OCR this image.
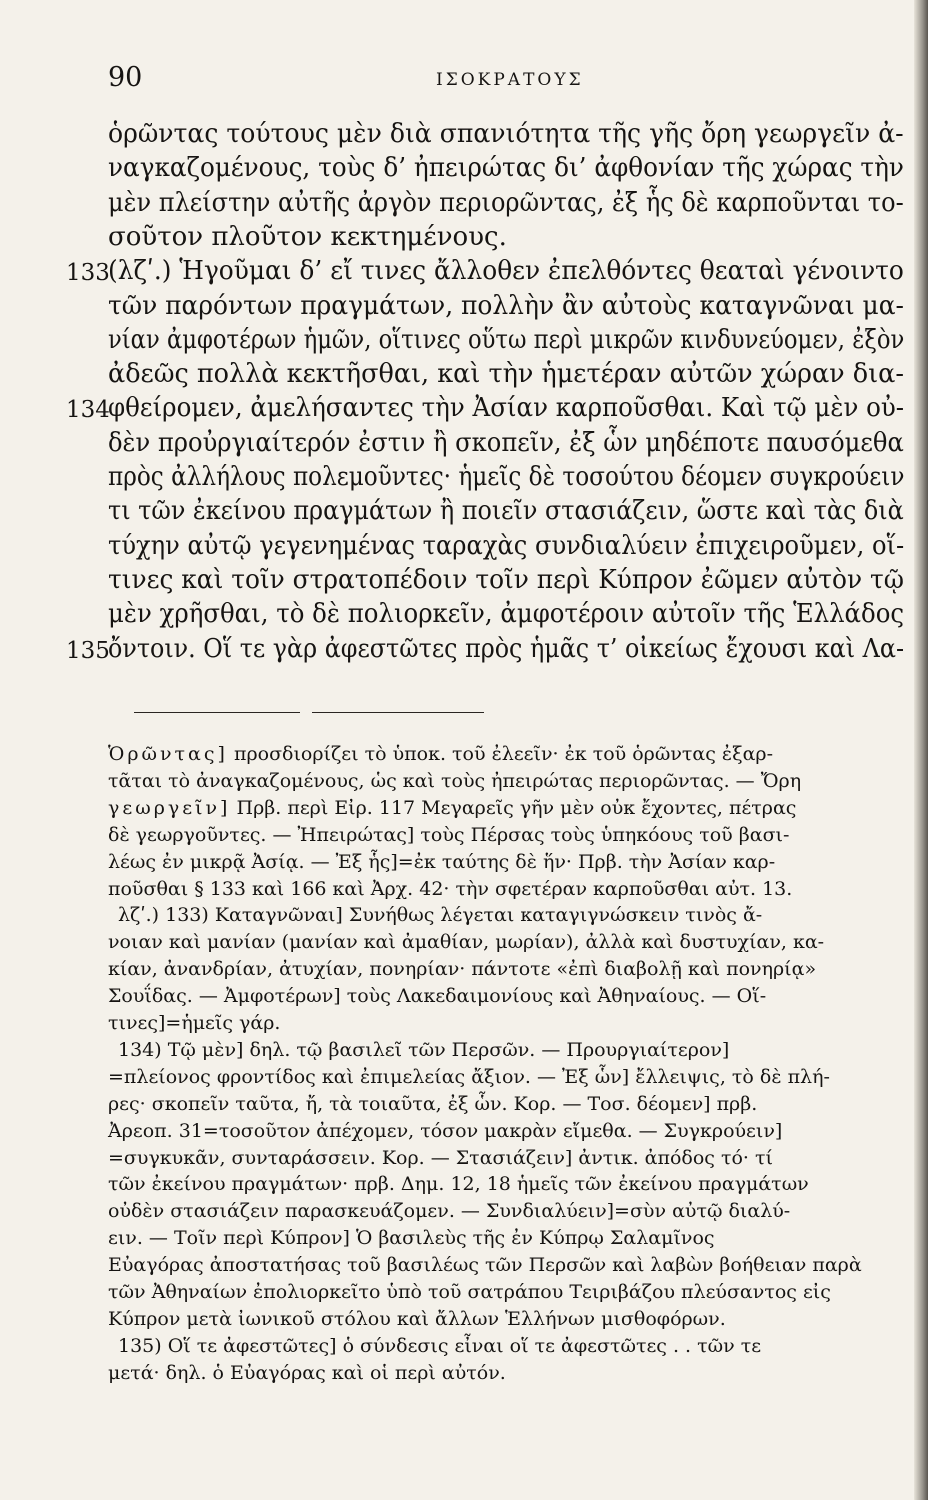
90	ΙΣΟΚΡΑΤΟΥΣ
ὁρῶντας τούτους μὲν διὰ σπανιότητα τῆς γῆς ὄρη γεωργεῖν ἀ-
ναγκαζομένους, τοὺς δ’ ἠπειρώτας δι’ ἀφθονίαν τῆς χώρας τὴν
μὲν πλείστην αὐτῆς ἀργὸν περιορῶντας, ἐξ ἧς δὲ καρποῦνται το-
σοῦτον πλοῦτον κεκτημένους.
(λζʹ.) Ἡγοῦμαι δ’ εἴ τινες ἄλλοθεν ἐπελθόντες θεαταὶ γένοιντο
τῶν παρόντων πραγμάτων, πολλὴν ἂν αὐτοὺς καταγνῶναι μα-
νίαν ἀμφοτέρων ἡμῶν, οἵτινες οὕτω περὶ μικρῶν κινδυνεύομεν, ἐξὸν
ἀδεῶς πολλὰ κεκτῆσθαι, καὶ τὴν ἡμετέραν αὐτῶν χώραν δια-
φθείρομεν, ἀμελήσαντες τὴν Ἀσίαν καρποῦσθαι. Καὶ τῷ μὲν οὐ-
δὲν προὐργιαίτερόν ἐστιν ἢ σκοπεῖν, ἐξ ὧν μηδέποτε παυσόμεθα
πρὸς ἀλλήλους πολεμοῦντες· ἡμεῖς δὲ τοσούτου δέομεν συγκρούειν
τι τῶν ἐκείνου πραγμάτων ἢ ποιεῖν στασιάζειν, ὥστε καὶ τὰς διὰ
τύχην αὐτῷ γεγενημένας ταραχὰς συνδιαλύειν ἐπιχειροῦμεν, οἵ-
τινες καὶ τοῖν στρατοπέδοιν τοῖν περὶ Κύπρον ἐῶμεν αὐτὸν τῷ
μὲν χρῆσθαι, τὸ δὲ πολιορκεῖν, ἀμφοτέροιν αὐτοῖν τῆς Ἑλλάδος
ὄντοιν. Οἵ τε γὰρ ἀφεστῶτες πρὸς ἡμᾶς τ’ οἰκείως ἔχουσι καὶ Λα-
133
134
135
Ὁρῶντας] προσδιορίζει τὸ ὑποκ. τοῦ ἐλεεῖν· ἐκ τοῦ ὁρῶντας ἐξαρ-
τᾶται τὸ ἀναγκαζομένους, ὡς καὶ τοὺς ἠπειρώτας περιορῶντας. — Ὄρη
γεωργεῖν] Πρβ. περὶ Εἰρ. 117 Μεγαρεῖς γῆν μὲν οὐκ ἔχοντες, πέτρας
δὲ γεωργοῦντες. — Ἠπειρώτας] τοὺς Πέρσας τοὺς ὑπηκόους τοῦ βασι-
λέως ἐν μικρᾷ Ἀσίᾳ. — Ἐξ ἧς]=ἐκ ταύτης δὲ ἥν· Πρβ. τὴν Ἀσίαν καρ-
ποῦσθαι § 133 καὶ 166 καὶ Ἀρχ. 42· τὴν σφετέραν καρποῦσθαι αὐτ. 13.
λζʹ.) 133) Καταγνῶναι] Συνήθως λέγεται καταγιγνώσκειν τινὸς ἄ-
νοιαν καὶ μανίαν (μανίαν καὶ ἀμαθίαν, μωρίαν), ἀλλὰ καὶ δυστυχίαν, κα-
κίαν, ἀνανδρίαν, ἀτυχίαν, πονηρίαν· πάντοτε «ἐπὶ διαβολῇ καὶ πονηρίᾳ»
Σουΐδας. — Ἀμφοτέρων] τοὺς Λακεδαιμονίους καὶ Ἀθηναίους. — Οἵ-
τινες]=ἡμεῖς γάρ.
134) Τῷ μὲν] δηλ. τῷ βασιλεῖ τῶν Περσῶν. — Προυργιαίτερον]
=πλείονος φροντίδος καὶ ἐπιμελείας ἄξιον. — Ἐξ ὧν] ἔλλειψις, τὸ δὲ πλή-
ρες· σκοπεῖν ταῦτα, ἤ, τὰ τοιαῦτα, ἐξ ὧν. Κορ. — Τοσ. δέομεν] πρβ.
Ἀρεοπ. 31=τοσοῦτον ἀπέχομεν, τόσον μακρὰν εἴμεθα. — Συγκρούειν]
=συγκυκᾶν, συνταράσσειν. Κορ. — Στασιάζειν] ἀντικ. ἀπόδος τό· τί
τῶν ἐκείνου πραγμάτων· πρβ. Δημ. 12, 18 ἡμεῖς τῶν ἐκείνου πραγμάτων
οὐδὲν στασιάζειν παρασκευάζομεν. — Συνδιαλύειν]=σὺν αὐτῷ διαλύ-
ειν. — Τοῖν περὶ Κύπρον] Ὁ βασιλεὺς τῆς ἐν Κύπρῳ Σαλαμῖνος
Εὐαγόρας ἀποστατήσας τοῦ βασιλέως τῶν Περσῶν καὶ λαβὼν βοήθειαν παρὰ
τῶν Ἀθηναίων ἐπολιορκεῖτο ὑπὸ τοῦ σατράπου Τειριβάζου πλεύσαντος εἰς
Κύπρον μετὰ ἰωνικοῦ στόλου καὶ ἄλλων Ἑλλήνων μισθοφόρων.
135) Οἵ τε ἀφεστῶτες] ὁ σύνδεσις εἶναι οἵ τε ἀφεστῶτες . . τῶν τε
μετά· δηλ. ὁ Εὐαγόρας καὶ οἱ περὶ αὐτόν.
